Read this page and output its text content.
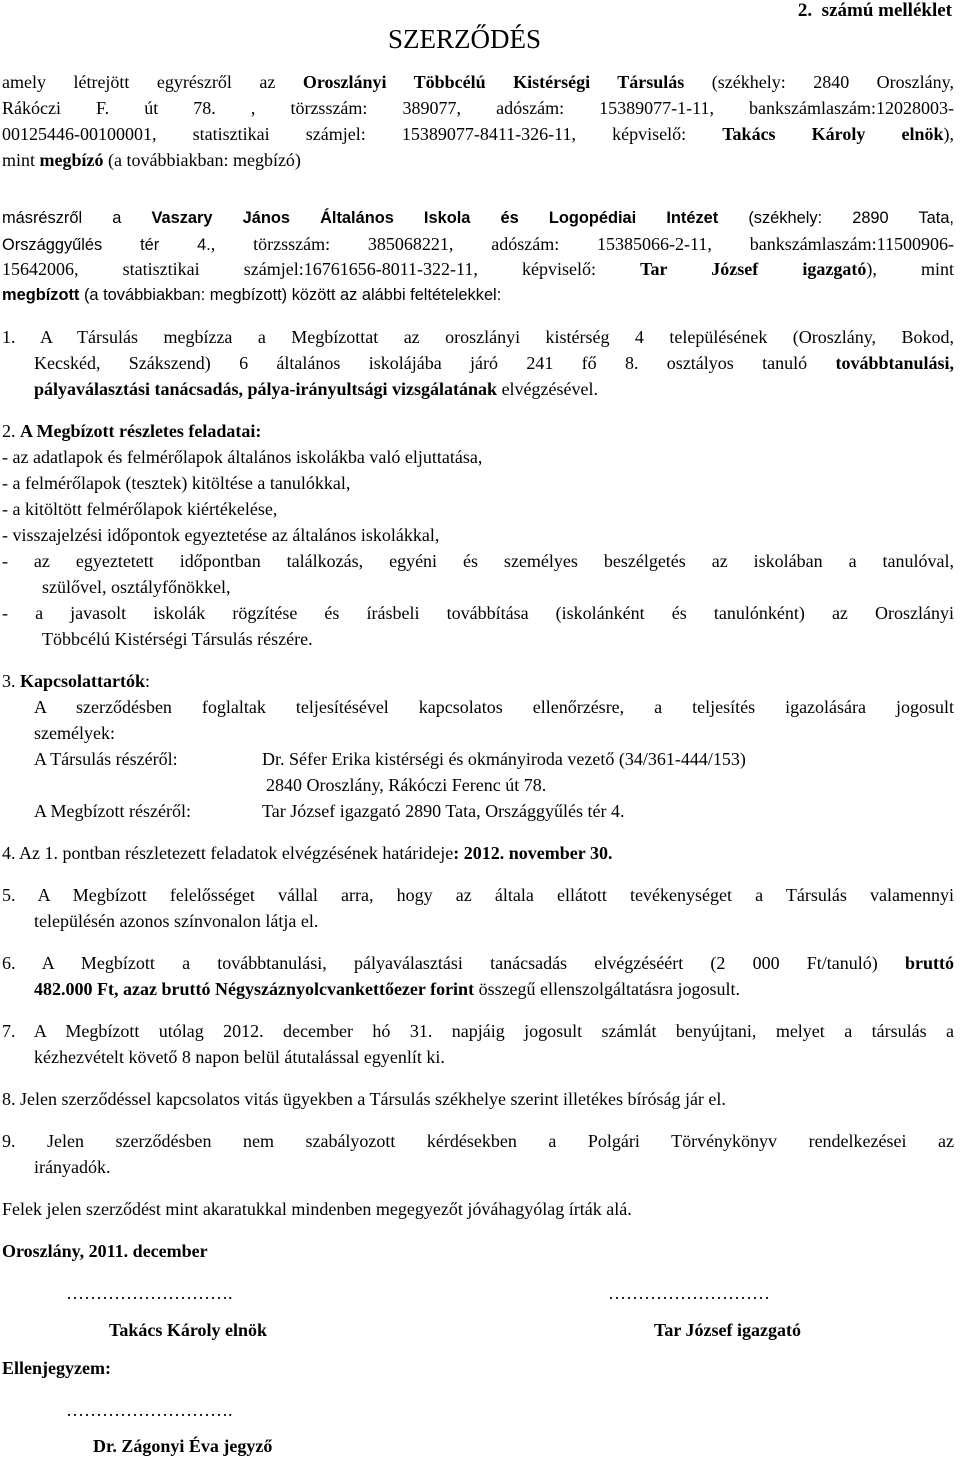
2. számú melléklet
SZERZŐDÉS
amely létrejött egyrészről az Oroszlányi Többcélú Kistérségi Társulás (székhely: 2840 Oroszlány,
Rákóczi F. út 78. , törzsszám: 389077, adószám: 15389077-1-11, bankszámlaszám:12028003-
00125446-00100001, statisztikai számjel: 15389077-8411-326-11, képviselő: Takács Károly elnök),
mint megbízó (a továbbiakban: megbízó)
másrészről a Vaszary János Általános Iskola és Logopédiai Intézet (székhely: 2890 Tata,
Országgyűlés tér 4., törzsszám: 385068221, adószám: 15385066-2-11, bankszámlaszám:11500906-
15642006, statisztikai számjel:16761656-8011-322-11, képviselő: Tar József igazgató), mint
megbízott (a továbbiakban: megbízott) között az alábbi feltételekkel:
1. A Társulás megbízza a Megbízottat az oroszlányi kistérség 4 településének (Oroszlány, Bokod,
Kecskéd, Szákszend) 6 általános iskolájába járó 241 fő 8. osztályos tanuló továbbtanulási,
pályaválasztási tanácsadás, pálya-irányultsági vizsgálatának elvégzésével.
2. A Megbízott részletes feladatai:
- az adatlapok és felmérőlapok általános iskolákba való eljuttatása,
- a felmérőlapok (tesztek) kitöltése a tanulókkal,
- a kitöltött felmérőlapok kiértékelése,
- visszajelzési időpontok egyeztetése az általános iskolákkal,
- az egyeztetett időpontban találkozás, egyéni és személyes beszélgetés az iskolában a tanulóval,
szülővel, osztályfőnökkel,
- a javasolt iskolák rögzítése és írásbeli továbbítása (iskolánként és tanulónként) az Oroszlányi
Többcélú Kistérségi Társulás részére.
3. Kapcsolattartók:
A szerződésben foglaltak teljesítésével kapcsolatos ellenőrzésre, a teljesítés igazolására jogosult
személyek:
A Társulás részéről:	Dr. Séfer Erika kistérségi és okmányiroda vezető (34/361-444/153)
2840 Oroszlány, Rákóczi Ferenc út 78.
A Megbízott részéről:	Tar József igazgató 2890 Tata, Országgyűlés tér 4.
4. Az 1. pontban részletezett feladatok elvégzésének határideje: 2012. november 30.
5. A Megbízott felelősséget vállal arra, hogy az általa ellátott tevékenységet a Társulás valamennyi
településén azonos színvonalon látja el.
6. A Megbízott a továbbtanulási, pályaválasztási tanácsadás elvégzéséért (2 000 Ft/tanuló) bruttó
482.000 Ft, azaz bruttó Négyszáznyolcvankettőezer forint összegű ellenszolgáltatásra jogosult.
7. A Megbízott utólag 2012. december hó 31. napjáig jogosult számlát benyújtani, melyet a társulás a
kézhezvételt követő 8 napon belül átutalással egyenlít ki.
8. Jelen szerződéssel kapcsolatos vitás ügyekben a Társulás székhelye szerint illetékes bíróság jár el.
9. Jelen szerződésben nem szabályozott kérdésekben a Polgári Törvénykönyv rendelkezései az
irányadók.
Felek jelen szerződést mint akaratukkal mindenben megegyezőt jóváhagyólag írták alá.
Oroszlány, 2011. december
……………………….	………………………
Takács Károly elnök	Tar József igazgató
Ellenjegyzem:
……………………….
Dr. Zágonyi Éva jegyző
